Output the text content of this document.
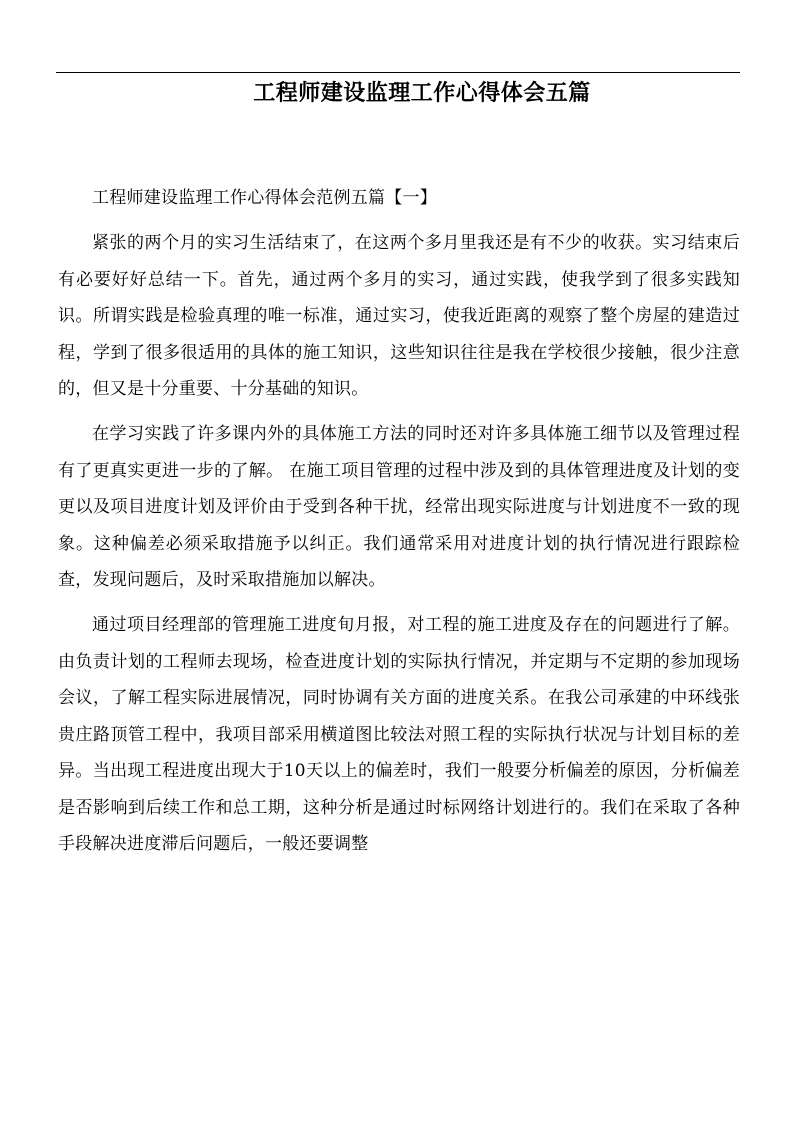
工程师建设监理工作心得体会五篇

工程师建设监理工作心得体会范例五篇【一】

紧张的两个月的实习生活结束了，在这两个多月里我还是有不少的收获。实习结束后有必要好好总结一下。首先，通过两个多月的实习，通过实践，使我学到了很多实践知识。所谓实践是检验真理的唯一标准，通过实习，使我近距离的观察了整个房屋的建造过程，学到了很多很适用的具体的施工知识，这些知识往往是我在学校很少接触，很少注意的，但又是十分重要、十分基础的知识。

在学习实践了许多课内外的具体施工方法的同时还对许多具体施工细节以及管理过程有了更真实更进一步的了解。 在施工项目管理的过程中涉及到的具体管理进度及计划的变更以及项目进度计划及评价由于受到各种干扰，经常出现实际进度与计划进度不一致的现象。这种偏差必须采取措施予以纠正。我们通常采用对进度计划的执行情况进行跟踪检查，发现问题后，及时采取措施加以解决。

通过项目经理部的管理施工进度旬月报，对工程的施工进度及存在的问题进行了解。由负责计划的工程师去现场，检查进度计划的实际执行情况，并定期与不定期的参加现场会议，了解工程实际进展情况，同时协调有关方面的进度关系。在我公司承建的中环线张贵庄路顶管工程中，我项目部采用横道图比较法对照工程的实际执行状况与计划目标的差异。当出现工程进度出现大于10天以上的偏差时，我们一般要分析偏差的原因，分析偏差是否影响到后续工作和总工期，这种分析是通过时标网络计划进行的。我们在采取了各种手段解决进度滞后问题后，一般还要调整
